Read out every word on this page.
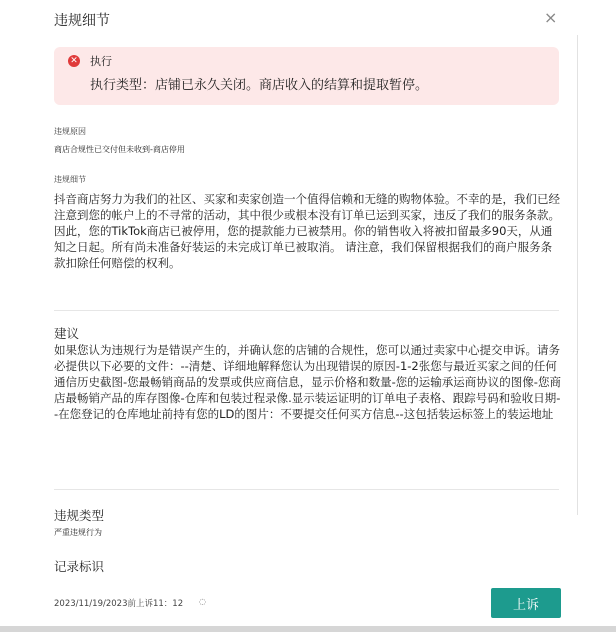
违规细节	×
✕ 执行
执行类型：店铺已永久关闭。商店收入的结算和提取暂停。
违规原因
商店合规性已交付但未收到-商店停用
违规细节
抖音商店努力为我们的社区、买家和卖家创造一个值得信赖和无缝的购物体验。不幸的是，我们已经注意到您的帐户上的不寻常的活动，其中很少或根本没有订单已运到买家，违反了我们的服务条款。因此，您的TikTok商店已被停用，您的提款能力已被禁用。你的销售收入将被扣留最多90天，从通知之日起。所有尚未准备好装运的未完成订单已被取消。 请注意，我们保留根据我们的商户服务条款扣除任何赔偿的权利。
建议
如果您认为违规行为是错误产生的，并确认您的店铺的合规性，您可以通过卖家中心提交申诉。请务必提供以下必要的文件：--清楚、详细地解释您认为出现错误的原因-1-2张您与最近买家之间的任何通信历史截图-您最畅销商品的发票或供应商信息，显示价格和数量-您的运输承运商协议的图像-您商店最畅销产品的库存图像-仓库和包装过程录像.显示装运证明的订单电子表格、跟踪号码和验收日期--在您登记的仓库地址前持有您的LD的图片：不要提交任何买方信息--这包括装运标签上的装运地址
违规类型
严重违规行为
记录标识
2023/11/19/2023前上诉11：12 ◌	上诉
